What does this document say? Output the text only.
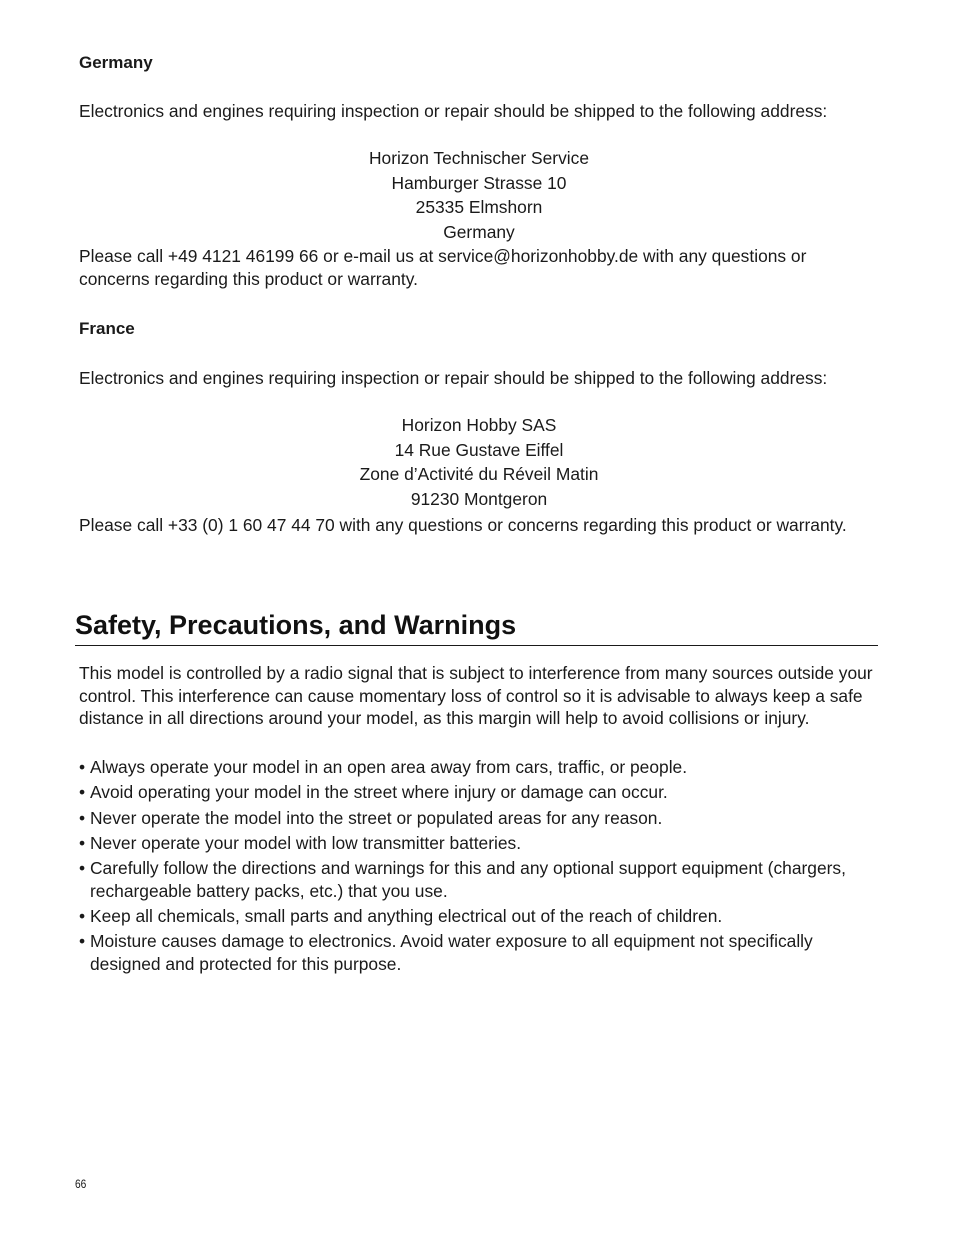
Germany

Electronics and engines requiring inspection or repair should be shipped to the following address:

Horizon Technischer Service
Hamburger Strasse 10
25335 Elmshorn
Germany

Please call +49 4121 46199 66 or e-mail us at service@horizonhobby.de with any questions or concerns regarding this product or warranty.

France

Electronics and engines requiring inspection or repair should be shipped to the following address:

Horizon Hobby SAS
14 Rue Gustave Eiffel
Zone d’Activité du Réveil Matin
91230 Montgeron

Please call +33 (0) 1 60 47 44 70 with any questions or concerns regarding this product or warranty.

Safety, Precautions, and Warnings

This model is controlled by a radio signal that is subject to interference from many sources outside your control. This interference can cause momentary loss of control so it is advisable to always keep a safe distance in all directions around your model, as this margin will help to avoid collisions or injury.

• Always operate your model in an open area away from cars, traffic, or people.
• Avoid operating your model in the street where injury or damage can occur.
• Never operate the model into the street or populated areas for any reason.
• Never operate your model with low transmitter batteries.
• Carefully follow the directions and warnings for this and any optional support equipment (chargers, rechargeable battery packs, etc.) that you use.
• Keep all chemicals, small parts and anything electrical out of the reach of children.
• Moisture causes damage to electronics. Avoid water exposure to all equipment not specifically designed and protected for this purpose.
66
